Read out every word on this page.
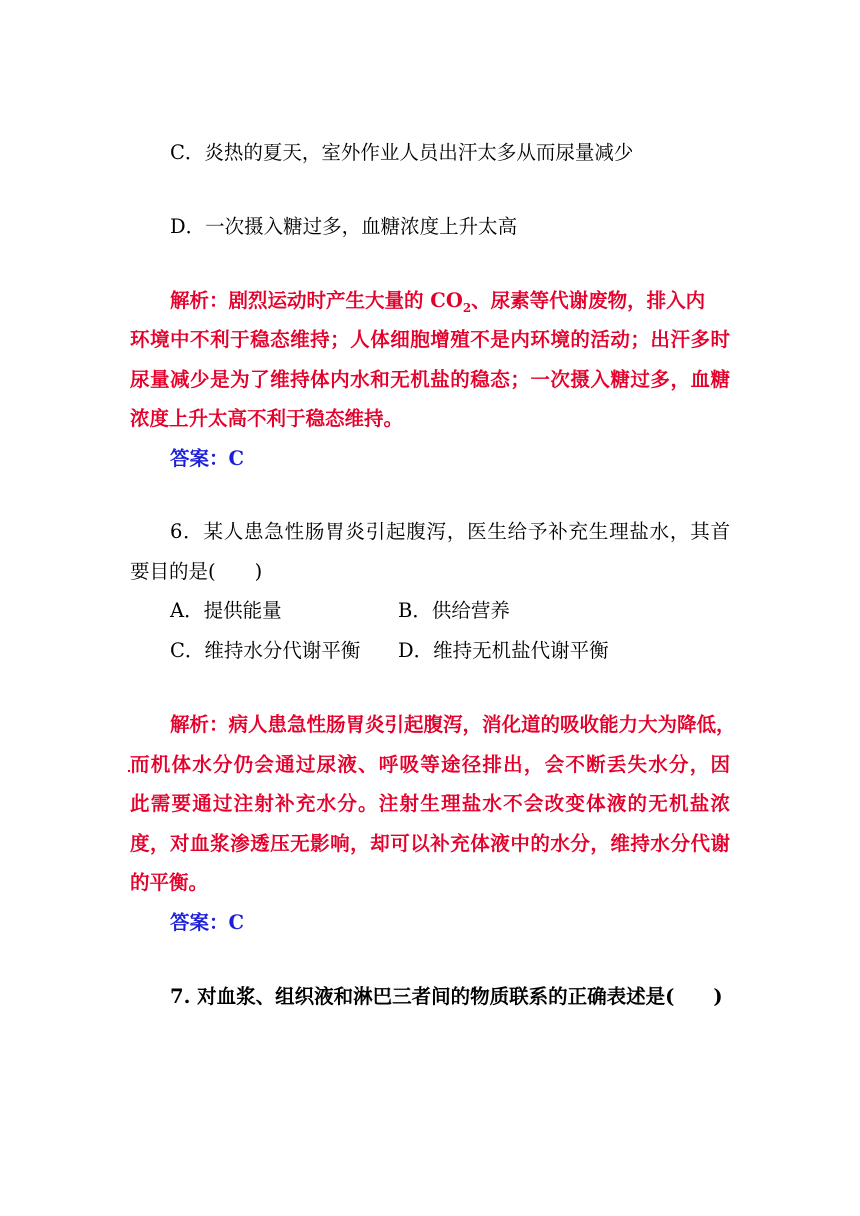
C．炎热的夏天，室外作业人员出汗太多从而尿量减少
D．一次摄入糖过多，血糖浓度上升太高
解析：剧烈运动时产生大量的 $CO_2$、尿素等代谢废物，排入内
环境中不利于稳态维持；人体细胞增殖不是内环境的活动；出汗多时
尿量减少是为了维持体内水和无机盐的稳态；一次摄入糖过多，血糖
浓度上升太高不利于稳态维持。
答案：C
6．某人患急性肠胃炎引起腹泻，医生给予补充生理盐水，其首
要目的是(　　)
A．提供能量	B．供给营养
C．维持水分代谢平衡 D．维持无机盐代谢平衡
解析：病人患急性肠胃炎引起腹泻，消化道的吸收能力大为降低，
而机体水分仍会通过尿液、呼吸等途径排出，会不断丢失水分，因
此需要通过注射补充水分。注射生理盐水不会改变体液的无机盐浓
度，对血浆渗透压无影响，却可以补充体液中的水分，维持水分代谢
的平衡。
答案：C
7. 对血浆、组织液和淋巴三者间的物质联系的正确表述是(　　)
